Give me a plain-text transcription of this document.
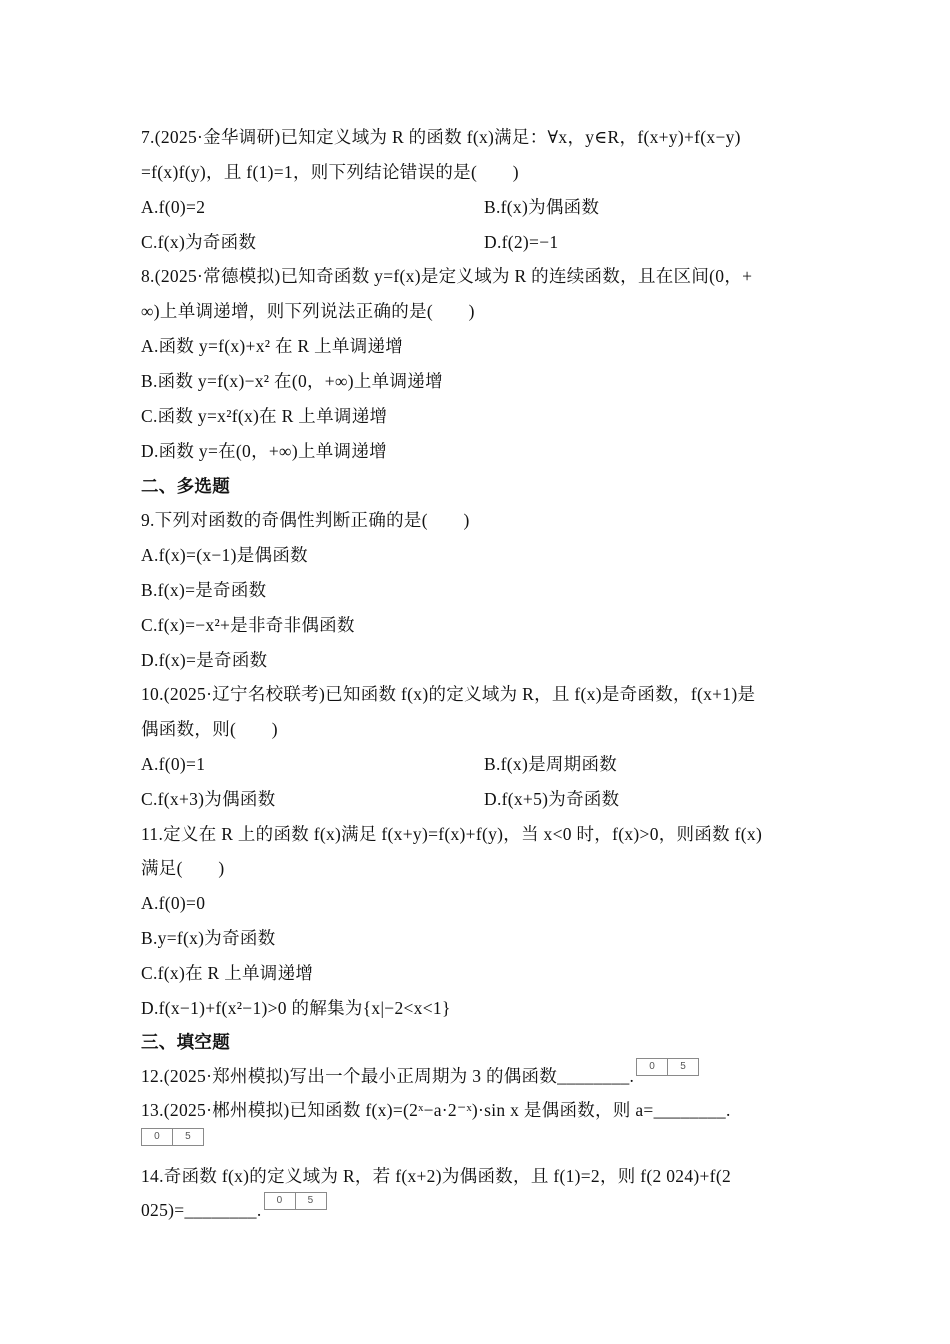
7.(2025·金华调研)已知定义域为 R 的函数 f(x)满足：∀x，y∈R，f(x+y)+f(x−y)
=f(x)f(y)，且 f(1)=1，则下列结论错误的是(　　)
A.f(0)=2	B.f(x)为偶函数
C.f(x)为奇函数	D.f(2)=−1
8.(2025·常德模拟)已知奇函数 y=f(x)是定义域为 R 的连续函数，且在区间(0，+
∞)上单调递增，则下列说法正确的是(　　)
A.函数 y=f(x)+x² 在 R 上单调递增
B.函数 y=f(x)−x² 在(0，+∞)上单调递增
C.函数 y=x²f(x)在 R 上单调递增
D.函数 y=在(0，+∞)上单调递增
二、多选题
9.下列对函数的奇偶性判断正确的是(　　)
A.f(x)=(x−1)是偶函数
B.f(x)=是奇函数
C.f(x)=−x²+是非奇非偶函数
D.f(x)=是奇函数
10.(2025·辽宁名校联考)已知函数 f(x)的定义域为 R，且 f(x)是奇函数，f(x+1)是
偶函数，则(　　)
A.f(0)=1	B.f(x)是周期函数
C.f(x+3)为偶函数	D.f(x+5)为奇函数
11.定义在 R 上的函数 f(x)满足 f(x+y)=f(x)+f(y)，当 x<0 时，f(x)>0，则函数 f(x)
满足(　　)
A.f(0)=0
B.y=f(x)为奇函数
C.f(x)在 R 上单调递增
D.f(x−1)+f(x²−1)>0 的解集为{x|−2<x<1}
三、填空题
12.(2025·郑州模拟)写出一个最小正周期为 3 的偶函数________. 0	5
13.(2025·郴州模拟)已知函数 f(x)=(2ˣ−a·2⁻ˣ)·sin x 是偶函数，则 a=________.
0	5
14.奇函数 f(x)的定义域为 R，若 f(x+2)为偶函数，且 f(1)=2，则 f(2 024)+f(2
025)=________. 0	5
